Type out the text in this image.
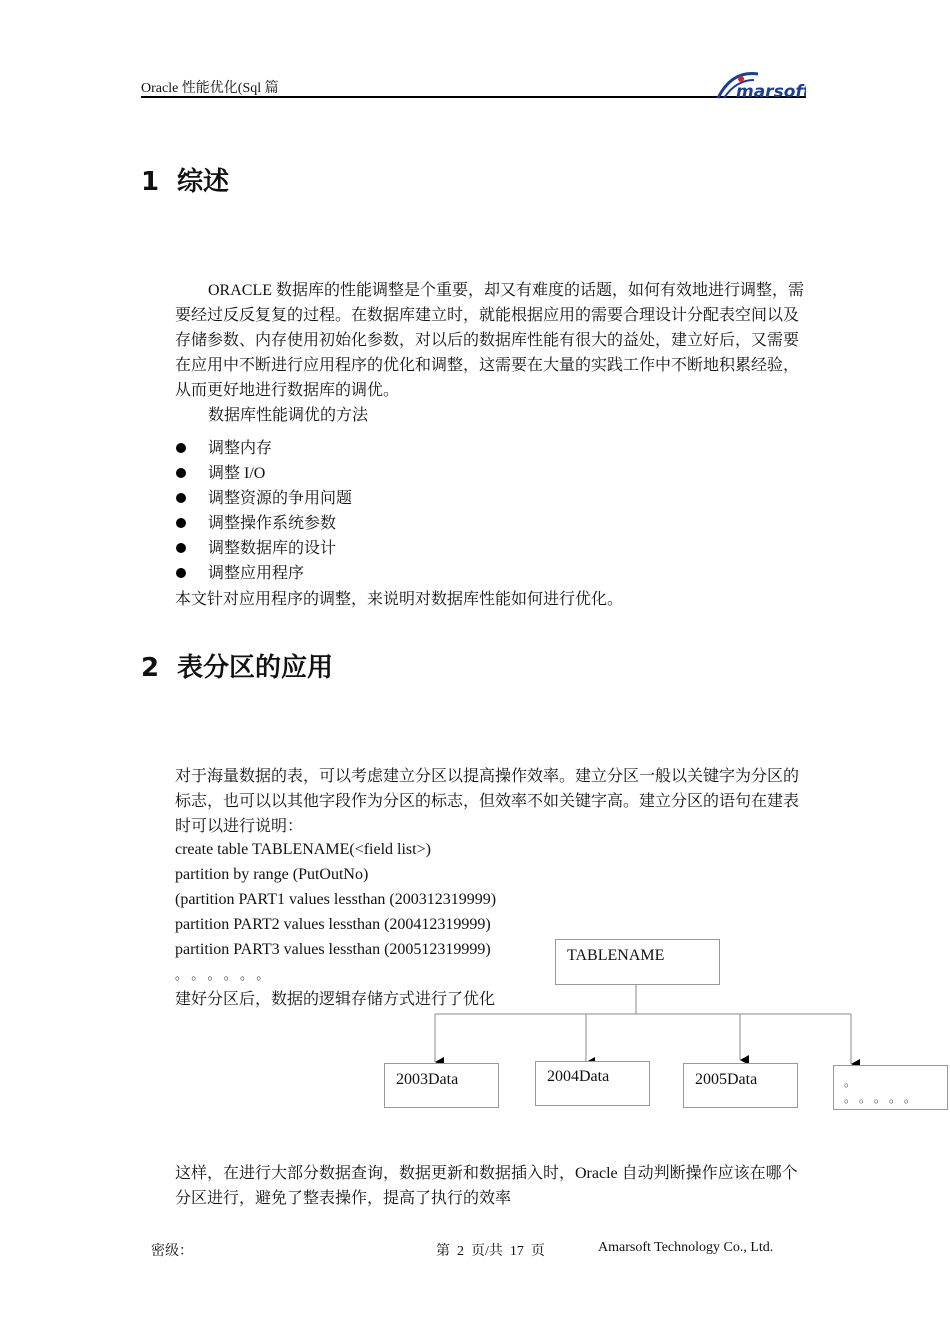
Oracle 性能优化(Sql 篇	marsoft
1 综述
ORACLE 数据库的性能调整是个重要，却又有难度的话题，如何有效地进行调整，需要经过反反复复的过程。在数据库建立时，就能根据应用的需要合理设计分配表空间以及存储参数、内存使用初始化参数，对以后的数据库性能有很大的益处，建立好后，又需要在应用中不断进行应用程序的优化和调整，这需要在大量的实践工作中不断地积累经验，从而更好地进行数据库的调优。
数据库性能调优的方法
调整内存
调整 I/O
调整资源的争用问题
调整操作系统参数
调整数据库的设计
调整应用程序
本文针对应用程序的调整，来说明对数据库性能如何进行优化。
2 表分区的应用
对于海量数据的表，可以考虑建立分区以提高操作效率。建立分区一般以关键字为分区的标志，也可以以其他字段作为分区的标志，但效率不如关键字高。建立分区的语句在建表时可以进行说明：
create table TABLENAME(<field list>)
partition by range (PutOutNo)
(partition PART1 values lessthan (200312319999)
partition PART2 values lessthan (200412319999)
partition PART3 values lessthan (200512319999)
。 。 。 。 。 。
建好分区后，数据的逻辑存储方式进行了优化
TABLENAME
2003Data	2004Data	2005Data	。
。 。 。 。 。
这样，在进行大部分数据查询，数据更新和数据插入时，Oracle 自动判断操作应该在哪个分区进行，避免了整表操作，提高了执行的效率
密级：	第  2  页/共  17  页	Amarsoft Technology Co., Ltd.
